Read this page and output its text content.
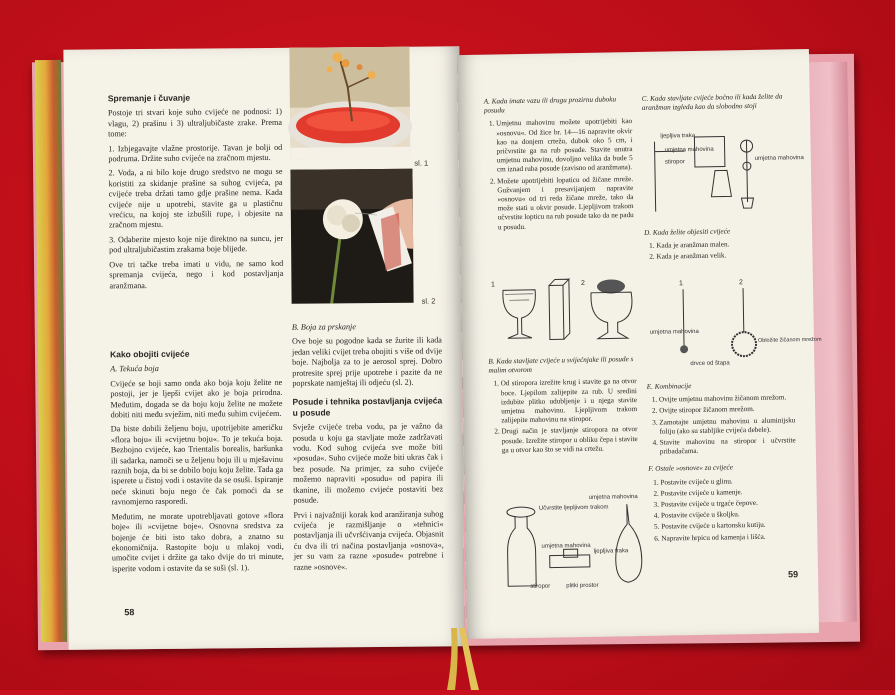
Spremanje i čuvanje

Postoje tri stvari koje suho cvijeće ne podnosi: 1) vlagu, 2) prašinu i 3) ultraljubičaste zrake. Prema tome:

1. Izbjegavajte vlažne prostorije. Tavan je bolji od podruma. Držite suho cvijeće na zračnom mjestu.

2. Voda, a ni bilo koje drugo sredstvo ne mogu se koristiti za skidanje prašine sa suhog cvijeća, pa cvijeće treba držati tamo gdje prašine nema. Kada cvijeće nije u upotrebi, stavite ga u plastičnu vrećicu, na kojoj ste izbušili rupe, i objesite na zračnom mjestu.

3. Odaberite mjesto koje nije direktno na suncu, jer pod ultraljubičastim zrakama boje blijede.

Ove tri tačke treba imati u vidu, ne samo kod spremanja cvijeća, nego i kod postavljanja aranžmana.

sl. 1
sl. 2
Kako obojiti cvijeće
A. Tekuća boja

Cvijeće se boji samo onda ako boja koju želite ne postoji, jer je ljepši cvijet ako je boja prirodna. Međutim, dogada se da boju koju želite ne možete dobiti niti među svježim, niti među suhim cvijećem.

Da biste dobili željenu boju, upotrijebite američku »flora boju« ili »cvijetnu boju«. To je tekuća boja. Bezbojno cvijeće, kao Trientalis borealis, baršunka ili sadarka, namoči se u željenu boju ili u mješavinu raznih boja, da bi se dobilo boju koju želite. Tada ga isperete u čistoj vodi i ostavite da se osuši. Ispiranje neće skinuti boju nego će čak pomoći da se ravnomjerno rasporedi.

Međutim, ne morate upotrebljavati gotove »flora boje« ili »cvijetne boje«. Osnovna sredstva za bojenje će biti isto tako dobra, a znatno su ekonomičnija. Rastopite boju u mlakoj vodi, umočite cvijet i držite ga tako dvije do tri minute, isperite vodom i ostavite da se suši (sl. 1).

B. Boja za prskanje

Ove boje su pogodne kada se žurite ili kada jedan veliki cvijet treba obojiti s više od dvije boje. Najbolja za to je aerosol sprej. Dobro protresite sprej prije upotrebe i pazite da ne poprskate namještaj ili odjeću (sl. 2).

Posude i tehnika postavljanja cvijeća u posude

Svježe cvijeće treba vodu, pa je važno da posuda u koju ga stavljate može zadržavati vodu. Kod suhog cvijeća sve može biti »posuda«. Suho cvijeće može biti ukras čak i bez posude. Na primjer, za suho cvijeće možemo napraviti »posudu« od papira ili tkanine, ili možemo cvijeće postaviti bez posude.

Prvi i najvažniji korak kod aranžiranja suhog cvijeća je razmišljanje o »tehnici« postavljanja ili učvršćivanja cvijeća. Objasnit ću dva ili tri načina postavljanja »osnova«, jer su vam za razne »posude« potrebne i razne »osnove«.

58
A. Kada imate vazu ili drugu prozirnu duboku posudu
1. Umjetnu mahovinu možete upotrijebiti kao »osnovu«. Od žice br. 14—16 napravite okvir kao na donjem crtežu, dubok oko 5 cm, i pričvrstite ga na rub posude. Stavite unutra umjetnu mahovinu, dovoljno velika da bude 5 cm iznad ruba posude (zavisno od aranžmana).
2. Možete upotrijebiti lopaticu od žičane mreže. Gužvanjem i presavijanjem napravite »osnovu« od tri reda žičane mreže, tako da može stati u okvir posude. Ljepljivom trakom učvrstite lopticu na rub posude tako da ne padu u posudu.
1	2
B. Kada stavljate cvijeće u svijećnjake ili posude s malim otvorom
1. Od stiropora izrežite krug i stavite ga na otvor boce. Ljepilom zalijepite za rub. U sredini izdubite plitko udubljenje i u njega stavite umjetnu mahovinu. Ljepljivom trakom zalijepite mahovinu na stiropor.
2. Drugi način je stavljanje stiropora na otvor posude. Izrežite stiropor u obliku čepa i stavite ga u otvor kao što se vidi na crtežu.
Učvrstite ljepljivom trakom
umjetna mahovina
umjetna mahovina
ljepljiva traka
stiropor	plitki prostor
C. Kada stavljate cvijeće bočno ili kada želite da aranžman izgleda kao da slobodno stoji
ljepljiva traka
umjetna mahovina
stiropor
umjetna mahovina
D. Kada želite objesiti cvijeće
1. Kada je aranžman malen.
2. Kada je aranžman velik.
1	2
umjetna mahovina
drvce od štapa
Obložite žičanom mrežom
E. Kombinacije
1. Ovijte umjetnu mahovinu žičanom mrežom.
2. Ovijte stiropor žičanom mrežom.
3. Zamotajte umjetnu mahovinu u aluminijsku foliju (ako su stabljike cvijeća debele).
4. Stavite mahovinu na stiropor i učvrstite pribadačama.
F. Ostale »osnove« za cvijeće
1. Postavite cvijeće u glinu.
2. Postavite cvijeće u kamenje.
3. Postavite cvijeće u trgaće čepove.
4. Postavite cvijeće u školjku.
5. Postavite cvijeće u kartonsku kutiju.
6. Napravite hrpicu od kamenja i lišća.
59
